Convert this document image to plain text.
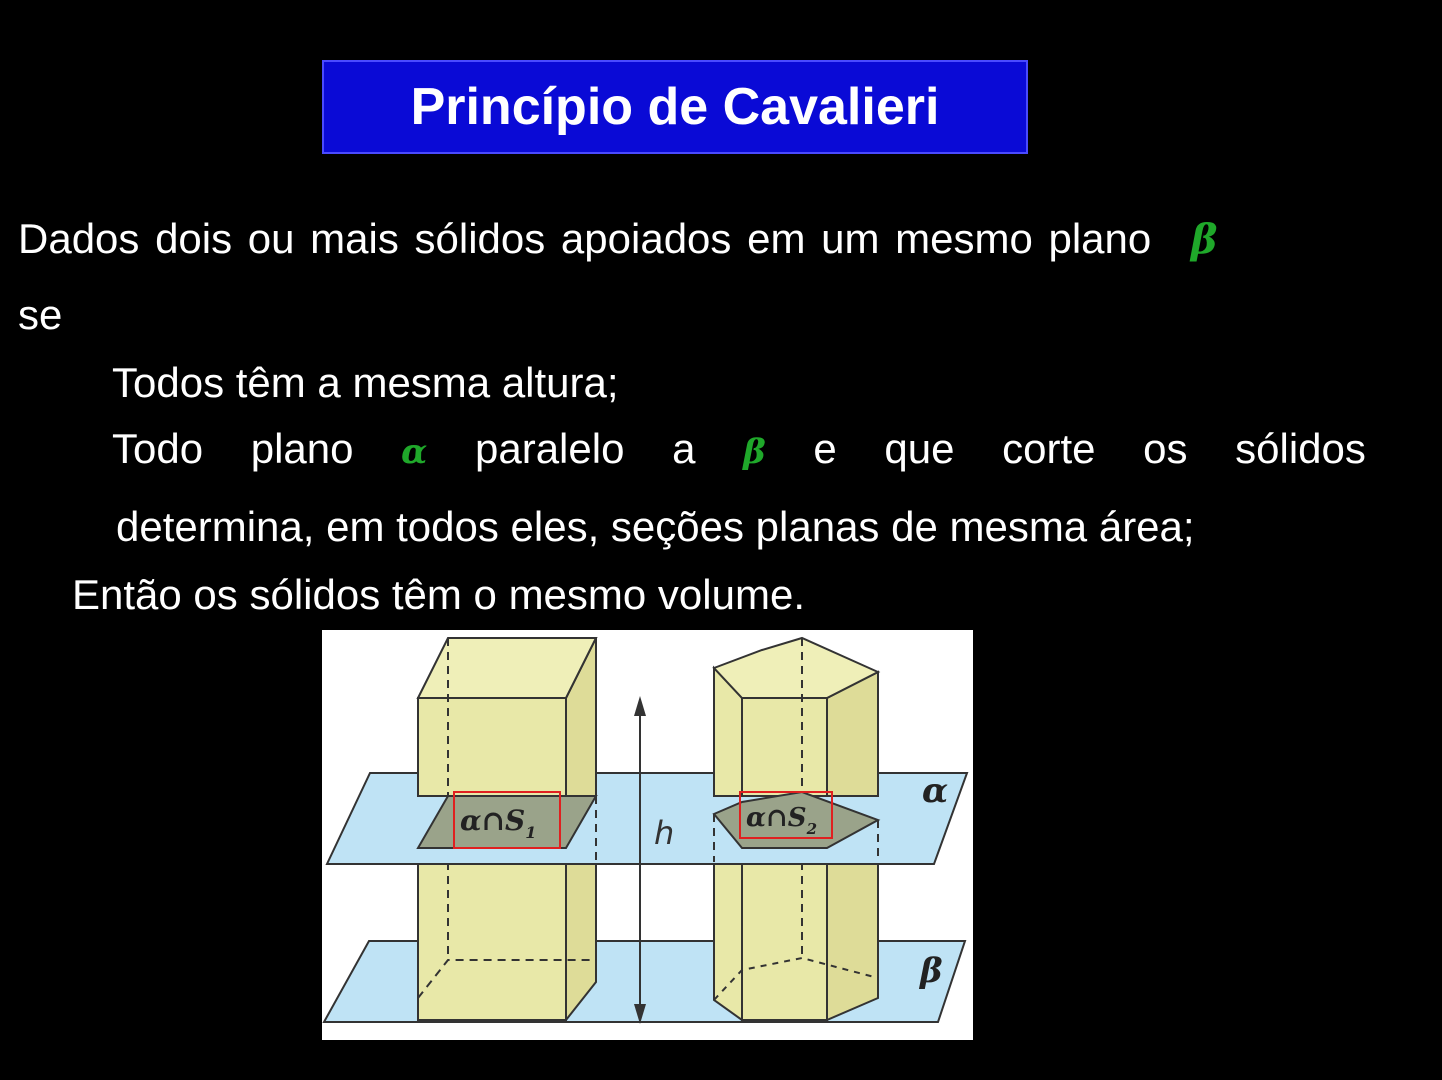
Princípio de Cavalieri
Dados dois ou mais sólidos apoiados em um mesmo plano β
se
Todos têm a mesma altura;
Todo plano α paralelo a β e que corte os sólidos
determina, em todos eles, seções planas de mesma área;
Então os sólidos têm o mesmo volume.
h
$\alpha\cap S_1$	$\alpha\cap S_2$
α
β
